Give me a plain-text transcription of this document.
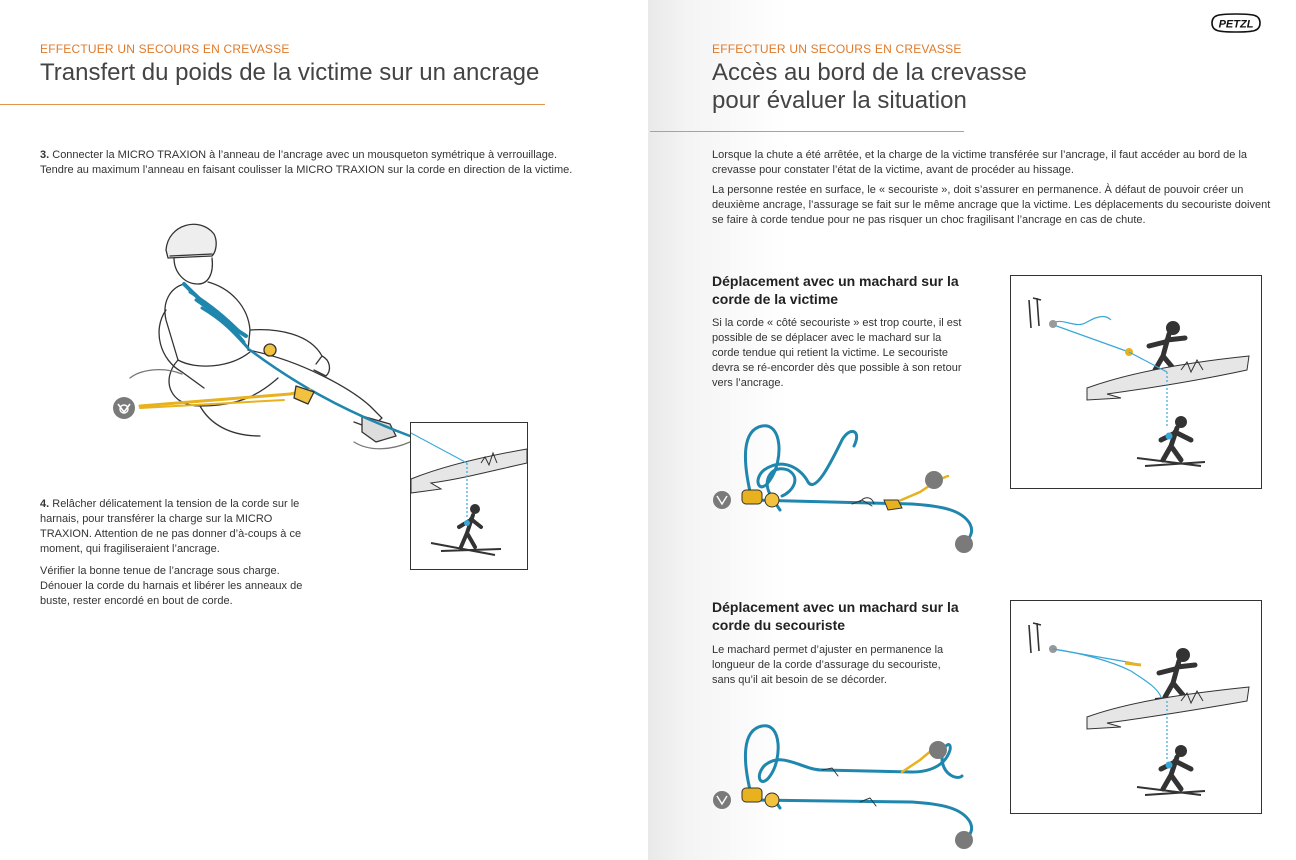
EFFECTUER UN SECOURS EN CREVASSE
Transfert du poids de la victime sur un ancrage

3. Connecter la MICRO TRAXION à l’anneau de l’ancrage avec un mousqueton symétrique à verrouillage. Tendre au maximum l’anneau en faisant coulisser la MICRO TRAXION sur la corde en direction de la victime.

4. Relâcher délicatement la tension de la corde sur le harnais, pour transférer la charge sur la MICRO TRAXION. Attention de ne pas donner d’à-coups à ce moment, qui fragiliseraient l’ancrage.

Vérifier la bonne tenue de l’ancrage sous charge. Dénouer la corde du harnais et libérer les anneaux de buste, rester encordé en bout de corde.

EFFECTUER UN SECOURS EN CREVASSE
Accès au bord de la crevasse
pour évaluer la situation

Lorsque la chute a été arrêtée, et la charge de la victime transférée sur l’ancrage, il faut accéder au bord de la crevasse pour constater l’état de la victime, avant de procéder au hissage.

La personne restée en surface, le « secouriste », doit s’assurer en permanence. À défaut de pouvoir créer un deuxième ancrage, l’assurage se fait sur le même ancrage que la victime. Les déplacements du secouriste doivent se faire à corde tendue pour ne pas risquer un choc fragilisant l’ancrage en cas de chute.

Déplacement avec un machard sur la corde de la victime

Si la corde « côté secouriste » est trop courte, il est possible de se déplacer avec le machard sur la corde tendue qui retient la victime. Le secouriste devra se ré-encorder dès que possible à son retour vers l’ancrage.

Déplacement avec un machard sur la corde du secouriste

Le machard permet d’ajuster en permanence la longueur de la corde d’assurage du secouriste, sans qu’il ait besoin de se décorder.

PETZL
